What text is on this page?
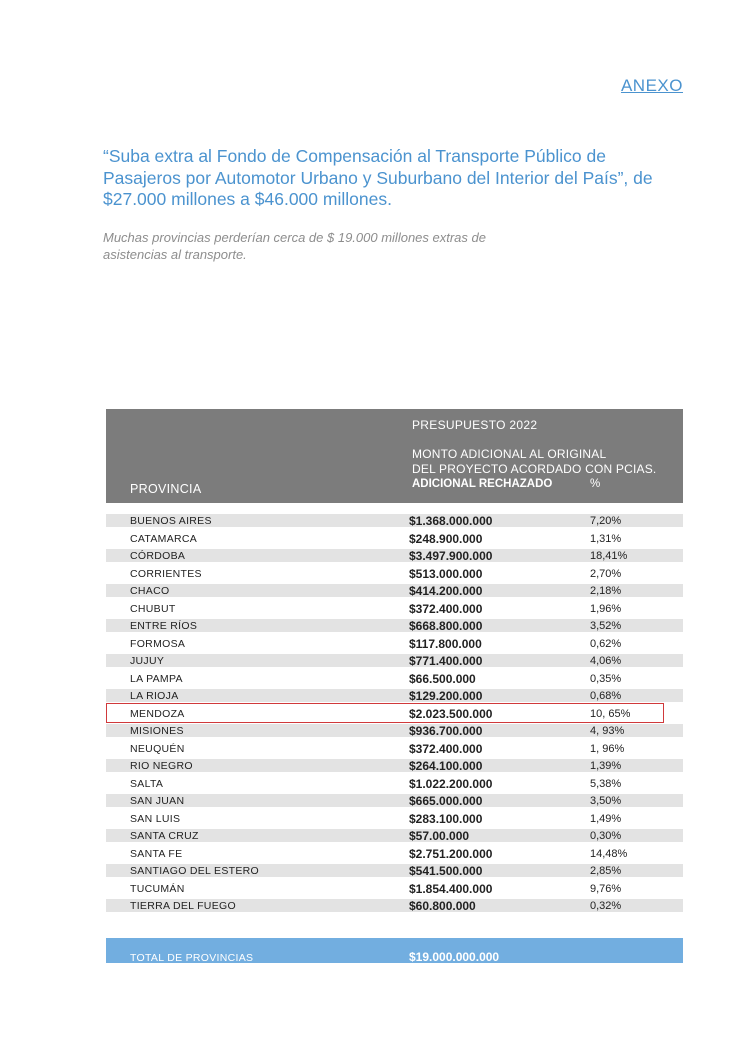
ANEXO
“Suba extra al Fondo de Compensación al Transporte Público de Pasajeros por Automotor Urbano y Suburbano del Interior del País”, de $27.000 millones a $46.000 millones.
Muchas provincias perderían cerca de $ 19.000 millones extras de asistencias al transporte.
PRESUPUESTO 2022
MONTO ADICIONAL AL ORIGINAL
DEL PROYECTO ACORDADO CON PCIAS.
ADICIONAL RECHAZADO	%
PROVINCIA
BUENOS AIRES	$1.368.000.000	7,20%
CATAMARCA	$248.900.000	1,31%
CÓRDOBA	$3.497.900.000	18,41%
CORRIENTES	$513.000.000	2,70%
CHACO	$414.200.000	2,18%
CHUBUT	$372.400.000	1,96%
ENTRE RÍOS	$668.800.000	3,52%
FORMOSA	$117.800.000	0,62%
JUJUY	$771.400.000	4,06%
LA PAMPA	$66.500.000	0,35%
LA RIOJA	$129.200.000	0,68%
MENDOZA	$2.023.500.000	10, 65%
MISIONES	$936.700.000	4, 93%
NEUQUÉN	$372.400.000	1, 96%
RIO NEGRO	$264.100.000	1,39%
SALTA	$1.022.200.000	5,38%
SAN JUAN	$665.000.000	3,50%
SAN LUIS	$283.100.000	1,49%
SANTA CRUZ	$57.00.000	0,30%
SANTA FE	$2.751.200.000	14,48%
SANTIAGO DEL ESTERO	$541.500.000	2,85%
TUCUMÁN	$1.854.400.000	9,76%
TIERRA DEL FUEGO	$60.800.000	0,32%
TOTAL DE PROVINCIAS	$19.000.000.000
